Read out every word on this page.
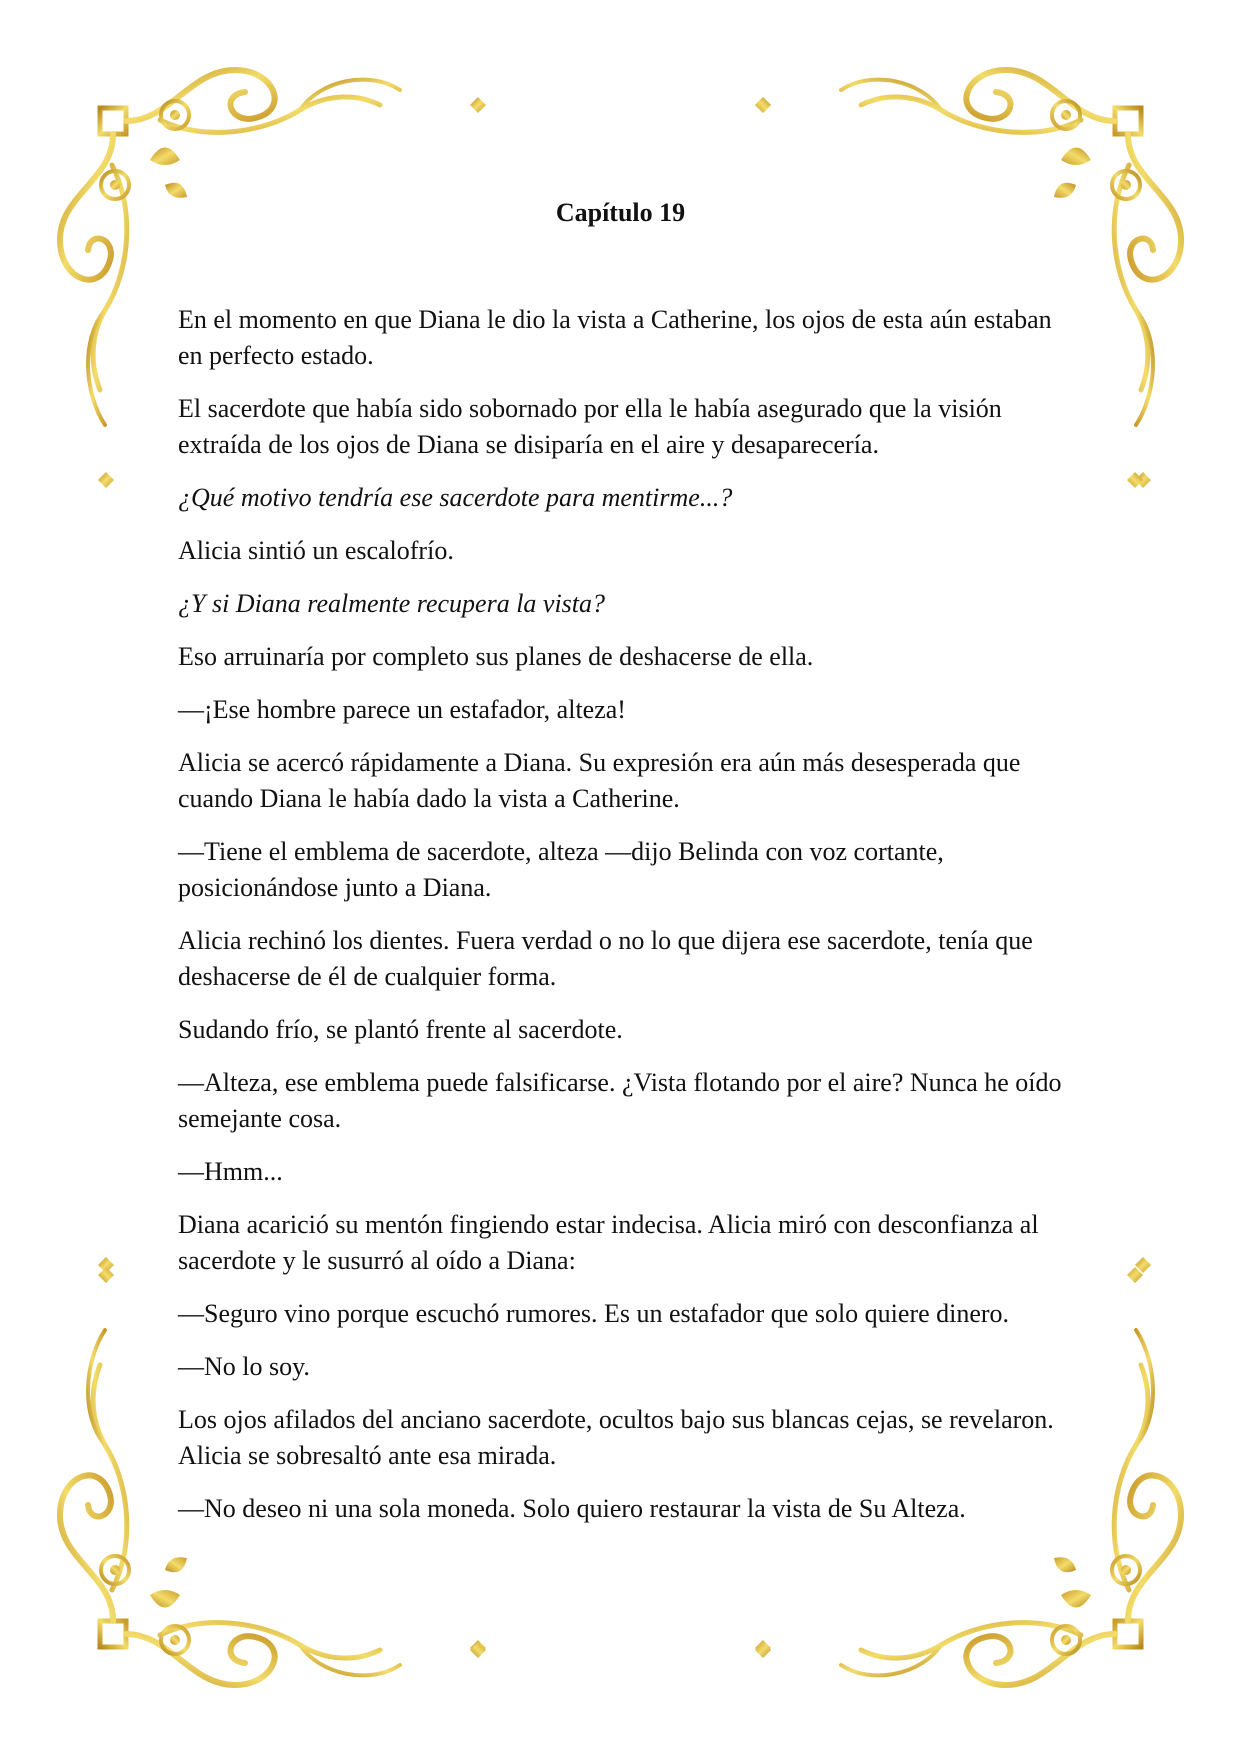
Capítulo 19

En el momento en que Diana le dio la vista a Catherine, los ojos de esta aún estaban en perfecto estado.

El sacerdote que había sido sobornado por ella le había asegurado que la visión extraída de los ojos de Diana se disiparía en el aire y desaparecería.

¿Qué motivo tendría ese sacerdote para mentirme...?

Alicia sintió un escalofrío.

¿Y si Diana realmente recupera la vista?

Eso arruinaría por completo sus planes de deshacerse de ella.

—¡Ese hombre parece un estafador, alteza!

Alicia se acercó rápidamente a Diana. Su expresión era aún más desesperada que cuando Diana le había dado la vista a Catherine.

—Tiene el emblema de sacerdote, alteza —dijo Belinda con voz cortante, posicionándose junto a Diana.

Alicia rechinó los dientes. Fuera verdad o no lo que dijera ese sacerdote, tenía que deshacerse de él de cualquier forma.

Sudando frío, se plantó frente al sacerdote.

—Alteza, ese emblema puede falsificarse. ¿Vista flotando por el aire? Nunca he oído semejante cosa.

—Hmm...

Diana acarició su mentón fingiendo estar indecisa. Alicia miró con desconfianza al sacerdote y le susurró al oído a Diana:

—Seguro vino porque escuchó rumores. Es un estafador que solo quiere dinero.

—No lo soy.

Los ojos afilados del anciano sacerdote, ocultos bajo sus blancas cejas, se revelaron.

Alicia se sobresaltó ante esa mirada.

—No deseo ni una sola moneda. Solo quiero restaurar la vista de Su Alteza.
